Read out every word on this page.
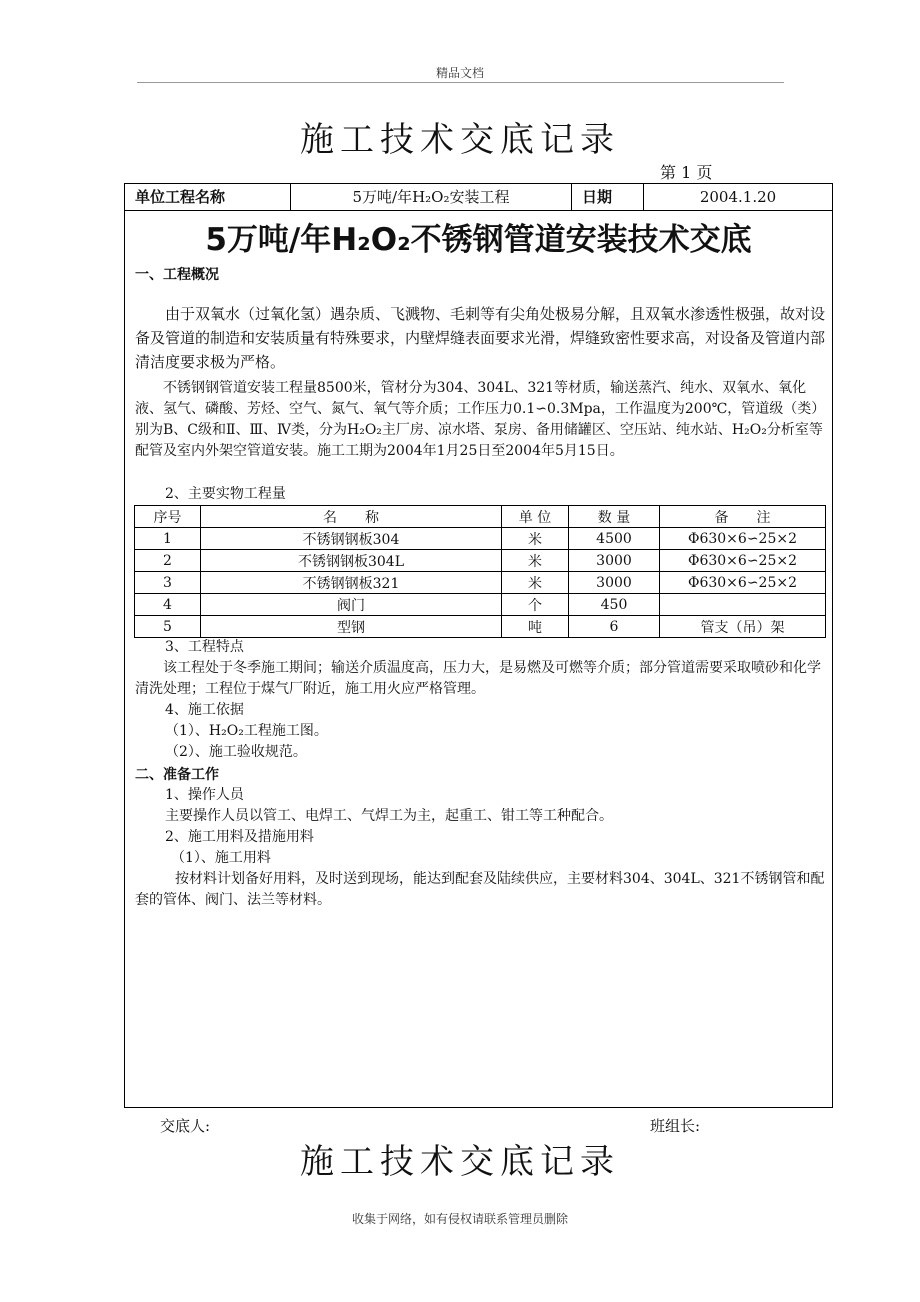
精品文档
施工技术交底记录
第 1 页
单位工程名称	5万吨/年H₂O₂安装工程	日期	2004.1.20
5万吨/年H₂O₂不锈钢管道安装技术交底
一、工程概况
由于双氧水（过氧化氢）遇杂质、飞溅物、毛刺等有尖角处极易分解，且双氧水渗透性极强，故对设备及管道的制造和安装质量有特殊要求，内壁焊缝表面要求光滑，焊缝致密性要求高，对设备及管道内部清洁度要求极为严格。
不锈钢钢管道安装工程量8500米，管材分为304、304L、321等材质，输送蒸汽、纯水、双氧水、氧化液、氢气、磷酸、芳烃、空气、氮气、氧气等介质；工作压力0.1∽0.3Mpa，工作温度为200℃，管道级（类）别为B、C级和Ⅱ、Ⅲ、Ⅳ类，分为H₂O₂主厂房、凉水塔、泵房、备用储罐区、空压站、纯水站、H₂O₂分析室等配管及室内外架空管道安装。施工工期为2004年1月25日至2004年5月15日。
2、主要实物工程量
序号	名　　称	单 位	数 量	备　　注
1	不锈钢钢板304	米	4500	Φ630×6∽25×2
2	不锈钢钢板304L	米	3000	Φ630×6∽25×2
3	不锈钢钢板321	米	3000	Φ630×6∽25×2
4	阀门	个	450	
5	型钢	吨	6	管支（吊）架
3、工程特点
该工程处于冬季施工期间；输送介质温度高，压力大，是易燃及可燃等介质；部分管道需要采取喷砂和化学清洗处理；工程位于煤气厂附近，施工用火应严格管理。
4、施工依据
（1）、H₂O₂工程施工图。
（2）、施工验收规范。
二、准备工作
1、操作人员
主要操作人员以管工、电焊工、气焊工为主，起重工、钳工等工种配合。
2、施工用料及措施用料
（1）、施工用料
按材料计划备好用料，及时送到现场，能达到配套及陆续供应，主要材料304、304L、321不锈钢管和配套的管体、阀门、法兰等材料。
交底人:	班组长:
施工技术交底记录
收集于网络，如有侵权请联系管理员删除
